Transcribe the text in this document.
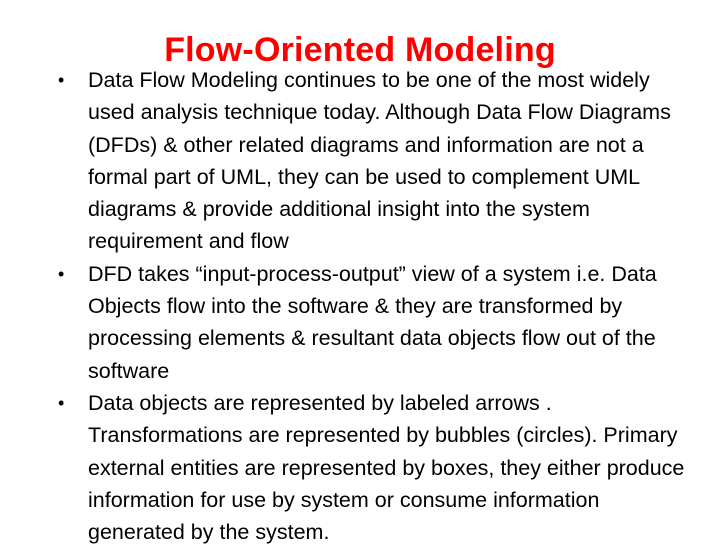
•	Data Flow Modeling continues to be one of the most widely used analysis technique today. Although Data Flow Diagrams (DFDs) & other related diagrams and information are not a formal part of UML, they can be used to complement UML diagrams & provide additional insight into the system requirement and flow
•	DFD takes “input-process-output” view of a system i.e. Data Objects flow into the software & they are transformed by processing elements & resultant data objects flow out of the software
•	Data objects are represented by labeled arrows . Transformations are represented by bubbles (circles). Primary external entities are represented by boxes, they either produce information for use by system or consume information generated by the system.
Flow-Oriented Modeling
